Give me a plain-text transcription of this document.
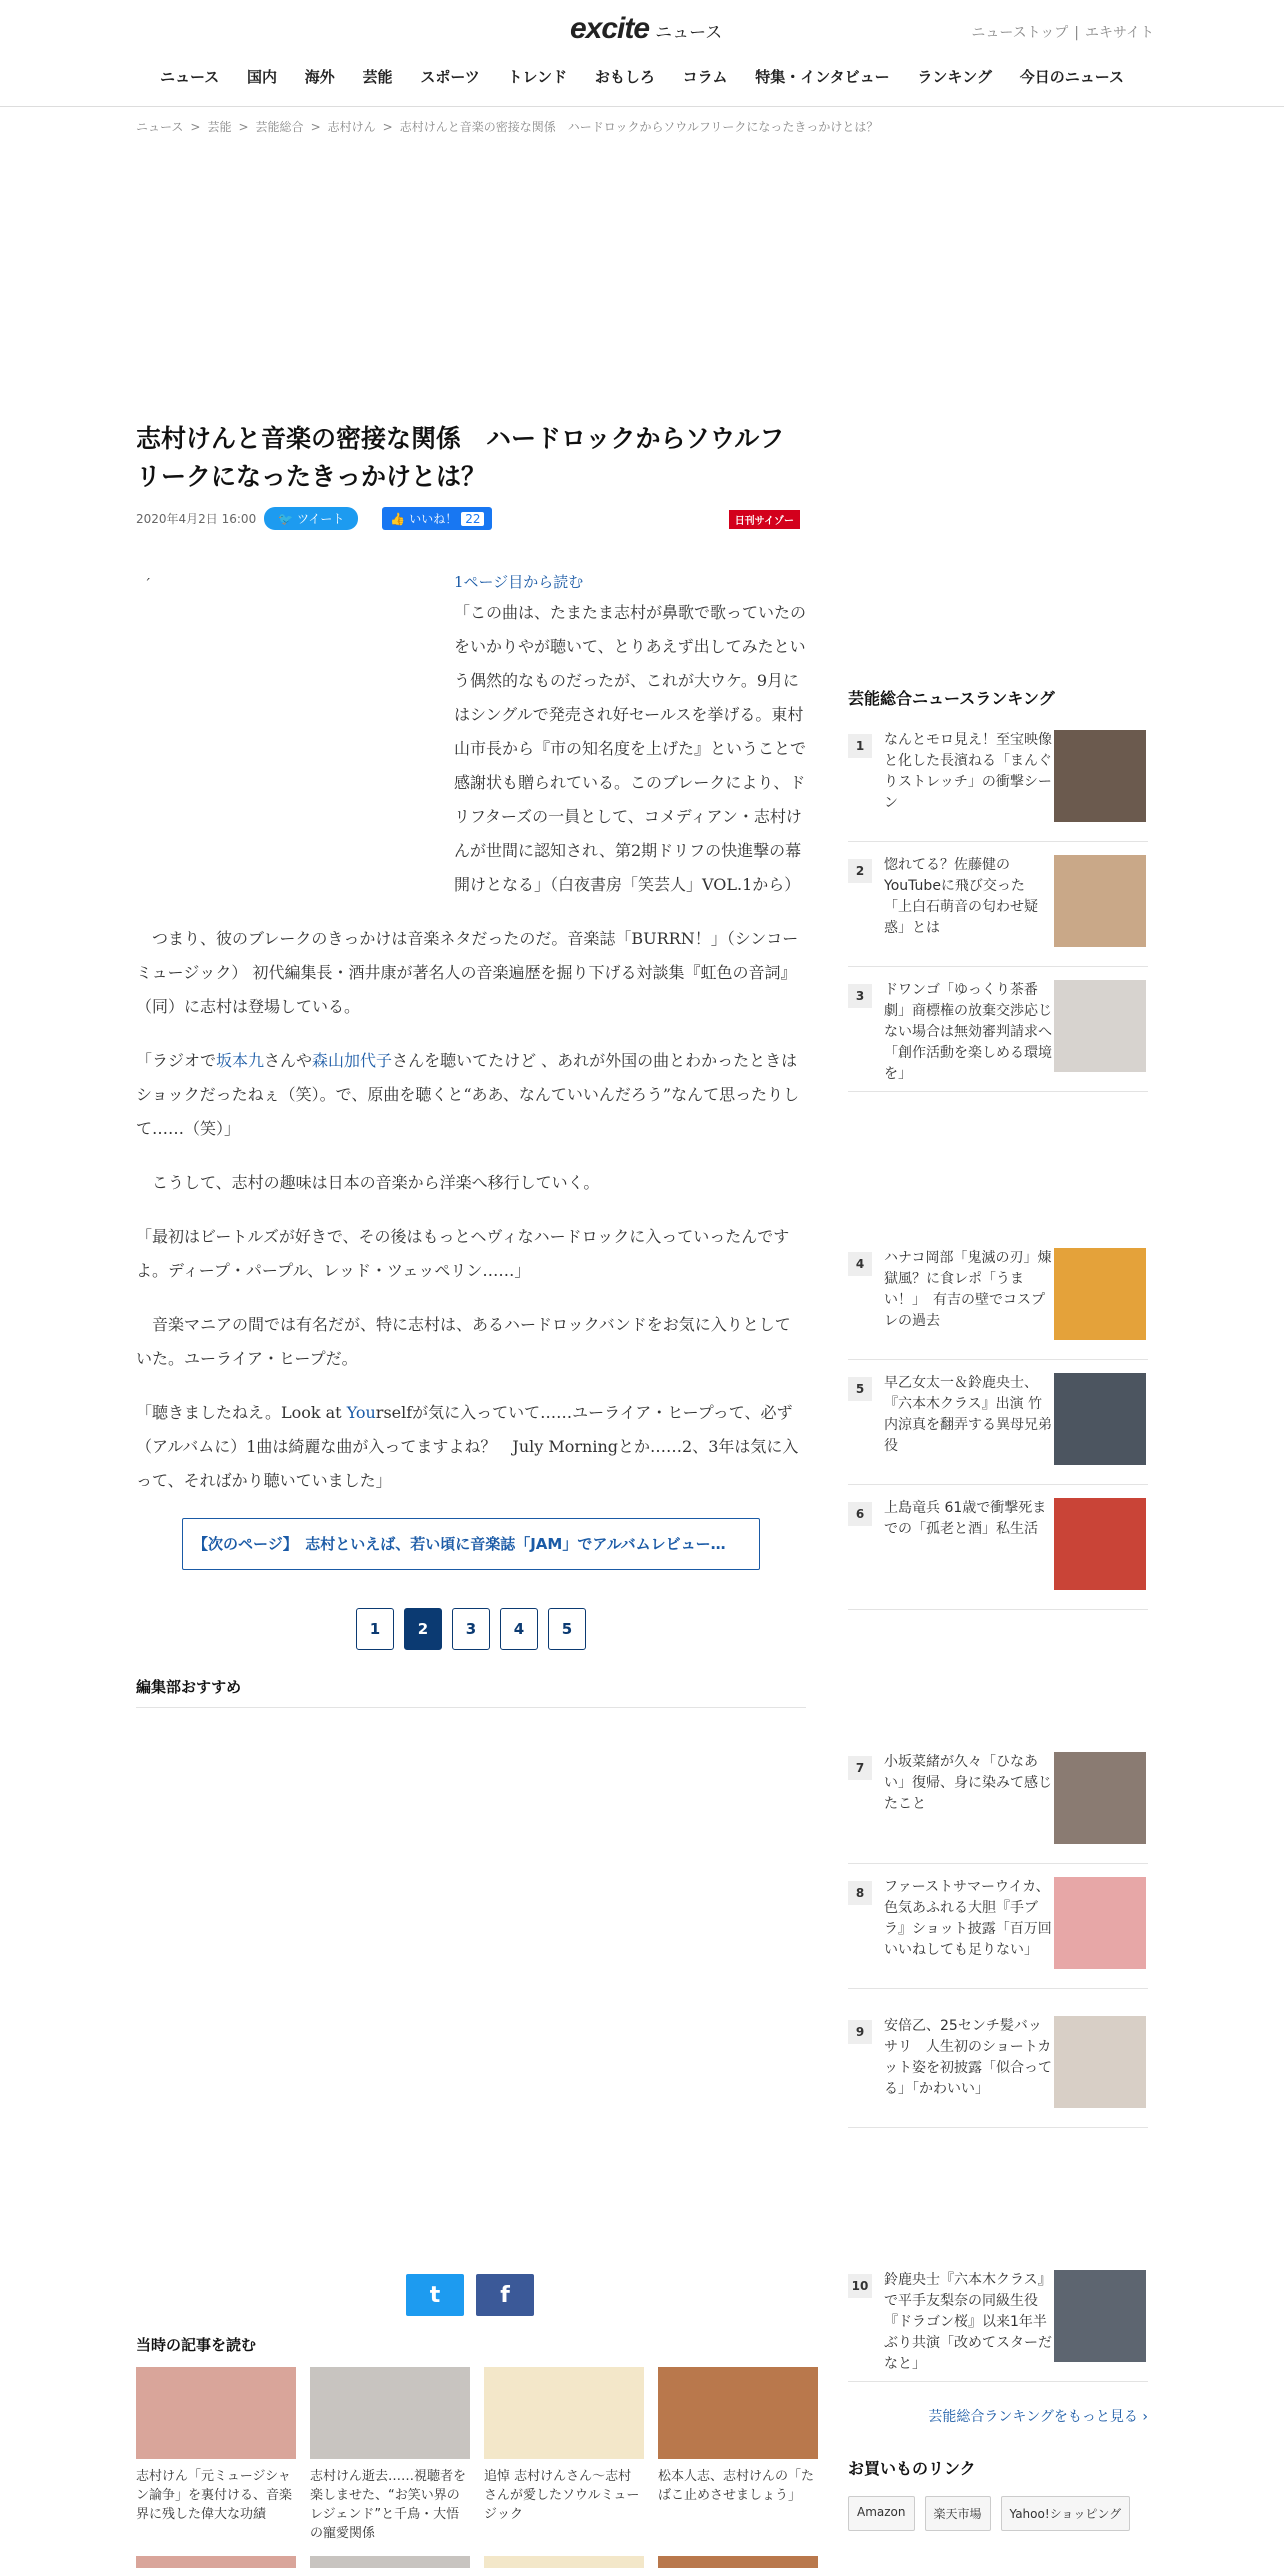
excite ニュース	ニューストップ | エキサイト
ニュース 国内 海外 芸能 スポーツ トレンド おもしろ コラム 特集・インタビュー ランキング 今日のニュース
ニュース > 芸能 > 芸能総合 > 志村けん > 志村けんと音楽の密接な関係　ハードロックからソウルフリークになったきっかけとは？
志村けんと音楽の密接な関係　ハードロックからソウルフリークになったきっかけとは？
2020年4月2日 16:00	🐦 ツイート	👍 いいね！ 22	日刊サイゾー
´	1ページ目から読む

「この曲は、たまたま志村が鼻歌で歌っていたのをいかりやが聴いて、とりあえず出してみたという偶然的なものだったが、これが大ウケ。9月にはシングルで発売され好セールスを挙げる。東村山市長から『市の知名度を上げた』ということで感謝状も贈られている。このブレークにより、ドリフターズの一員として、コメディアン・志村けんが世間に認知され、第2期ドリフの快進撃の幕開けとなる」（白夜書房「笑芸人」VOL.1から）

　つまり、彼のブレークのきっかけは音楽ネタだったのだ。音楽誌「BURRN！」（シンコーミュージック） 初代編集長・酒井康が著名人の音楽遍歴を掘り下げる対談集『虹色の音詞』（同）に志村は登場している。

「ラジオで坂本九さんや森山加代子さんを聴いてたけど 、あれが外国の曲とわかったときはショックだったねぇ（笑）。で、原曲を聴くと“ああ、なんていいんだろう”なんて思ったりして……（笑）」

　こうして、志村の趣味は日本の音楽から洋楽へ移行していく。

「最初はビートルズが好きで、その後はもっとヘヴィなハードロックに入っていったんですよ。ディープ・パープル、レッド・ツェッペリン……」

　音楽マニアの間では有名だが、特に志村は、あるハードロックバンドをお気に入りとしていた。ユーライア・ヒープだ。

「聴きましたねえ。Look at Yourselfが気に入っていて……ユーライア・ヒープって、必ず（アルバムに）1曲は綺麗な曲が入ってますよね？　July Morningとか……2、3年は気に入って、そればかり聴いていました」

【次のページ】　志村といえば、若い頃に音楽誌「JAM」でアルバムレビュー…
1	2	3	4	5
編集部おすすめ
t	f
当時の記事を読む
志村けん「元ミュージシャン論争」を裏付ける、音楽界に残した偉大な功績
志村けん逝去……視聴者を楽しませた、“お笑い界のレジェンド”と千鳥・大悟の寵愛関係
追悼 志村けんさん～志村さんが愛したソウルミュージック
松本人志、志村けんの「たばこ止めさせましょう」
芸能総合ニュースランキング
1	なんとモロ見え！至宝映像と化した長濱ねる「まんぐりストレッチ」の衝撃シーン
2	惚れてる？佐藤健のYouTubeに飛び交った「上白石萌音の匂わせ疑惑」とは
3	ドワンゴ「ゆっくり茶番劇」商標権の放棄交渉応じない場合は無効審判請求へ「創作活動を楽しめる環境を」
4	ハナコ岡部「鬼滅の刃」煉獄風？に食レポ「うまい！」　有吉の壁でコスプレの過去
5	早乙女太一＆鈴鹿央士、『六本木クラス』出演 竹内涼真を翻弄する異母兄弟役
6	上島竜兵 61歳で衝撃死までの「孤老と酒」私生活
7	小坂菜緒が久々「ひなあい」復帰、身に染みて感じたこと
8	ファーストサマーウイカ、色気あふれる大胆『手ブラ』ショット披露「百万回いいねしても足りない」
9	安倍乙、25センチ髪バッサリ　人生初のショートカット姿を初披露「似合ってる」「かわいい」
10 鈴鹿央士『六本木クラス』で平手友梨奈の同級生役　『ドラゴン桜』以来1年半ぶり共演「改めてスターだなと」
芸能総合ランキングをもっと見る ›
お買いものリンク
Amazon	楽天市場	Yahoo!ショッピング
